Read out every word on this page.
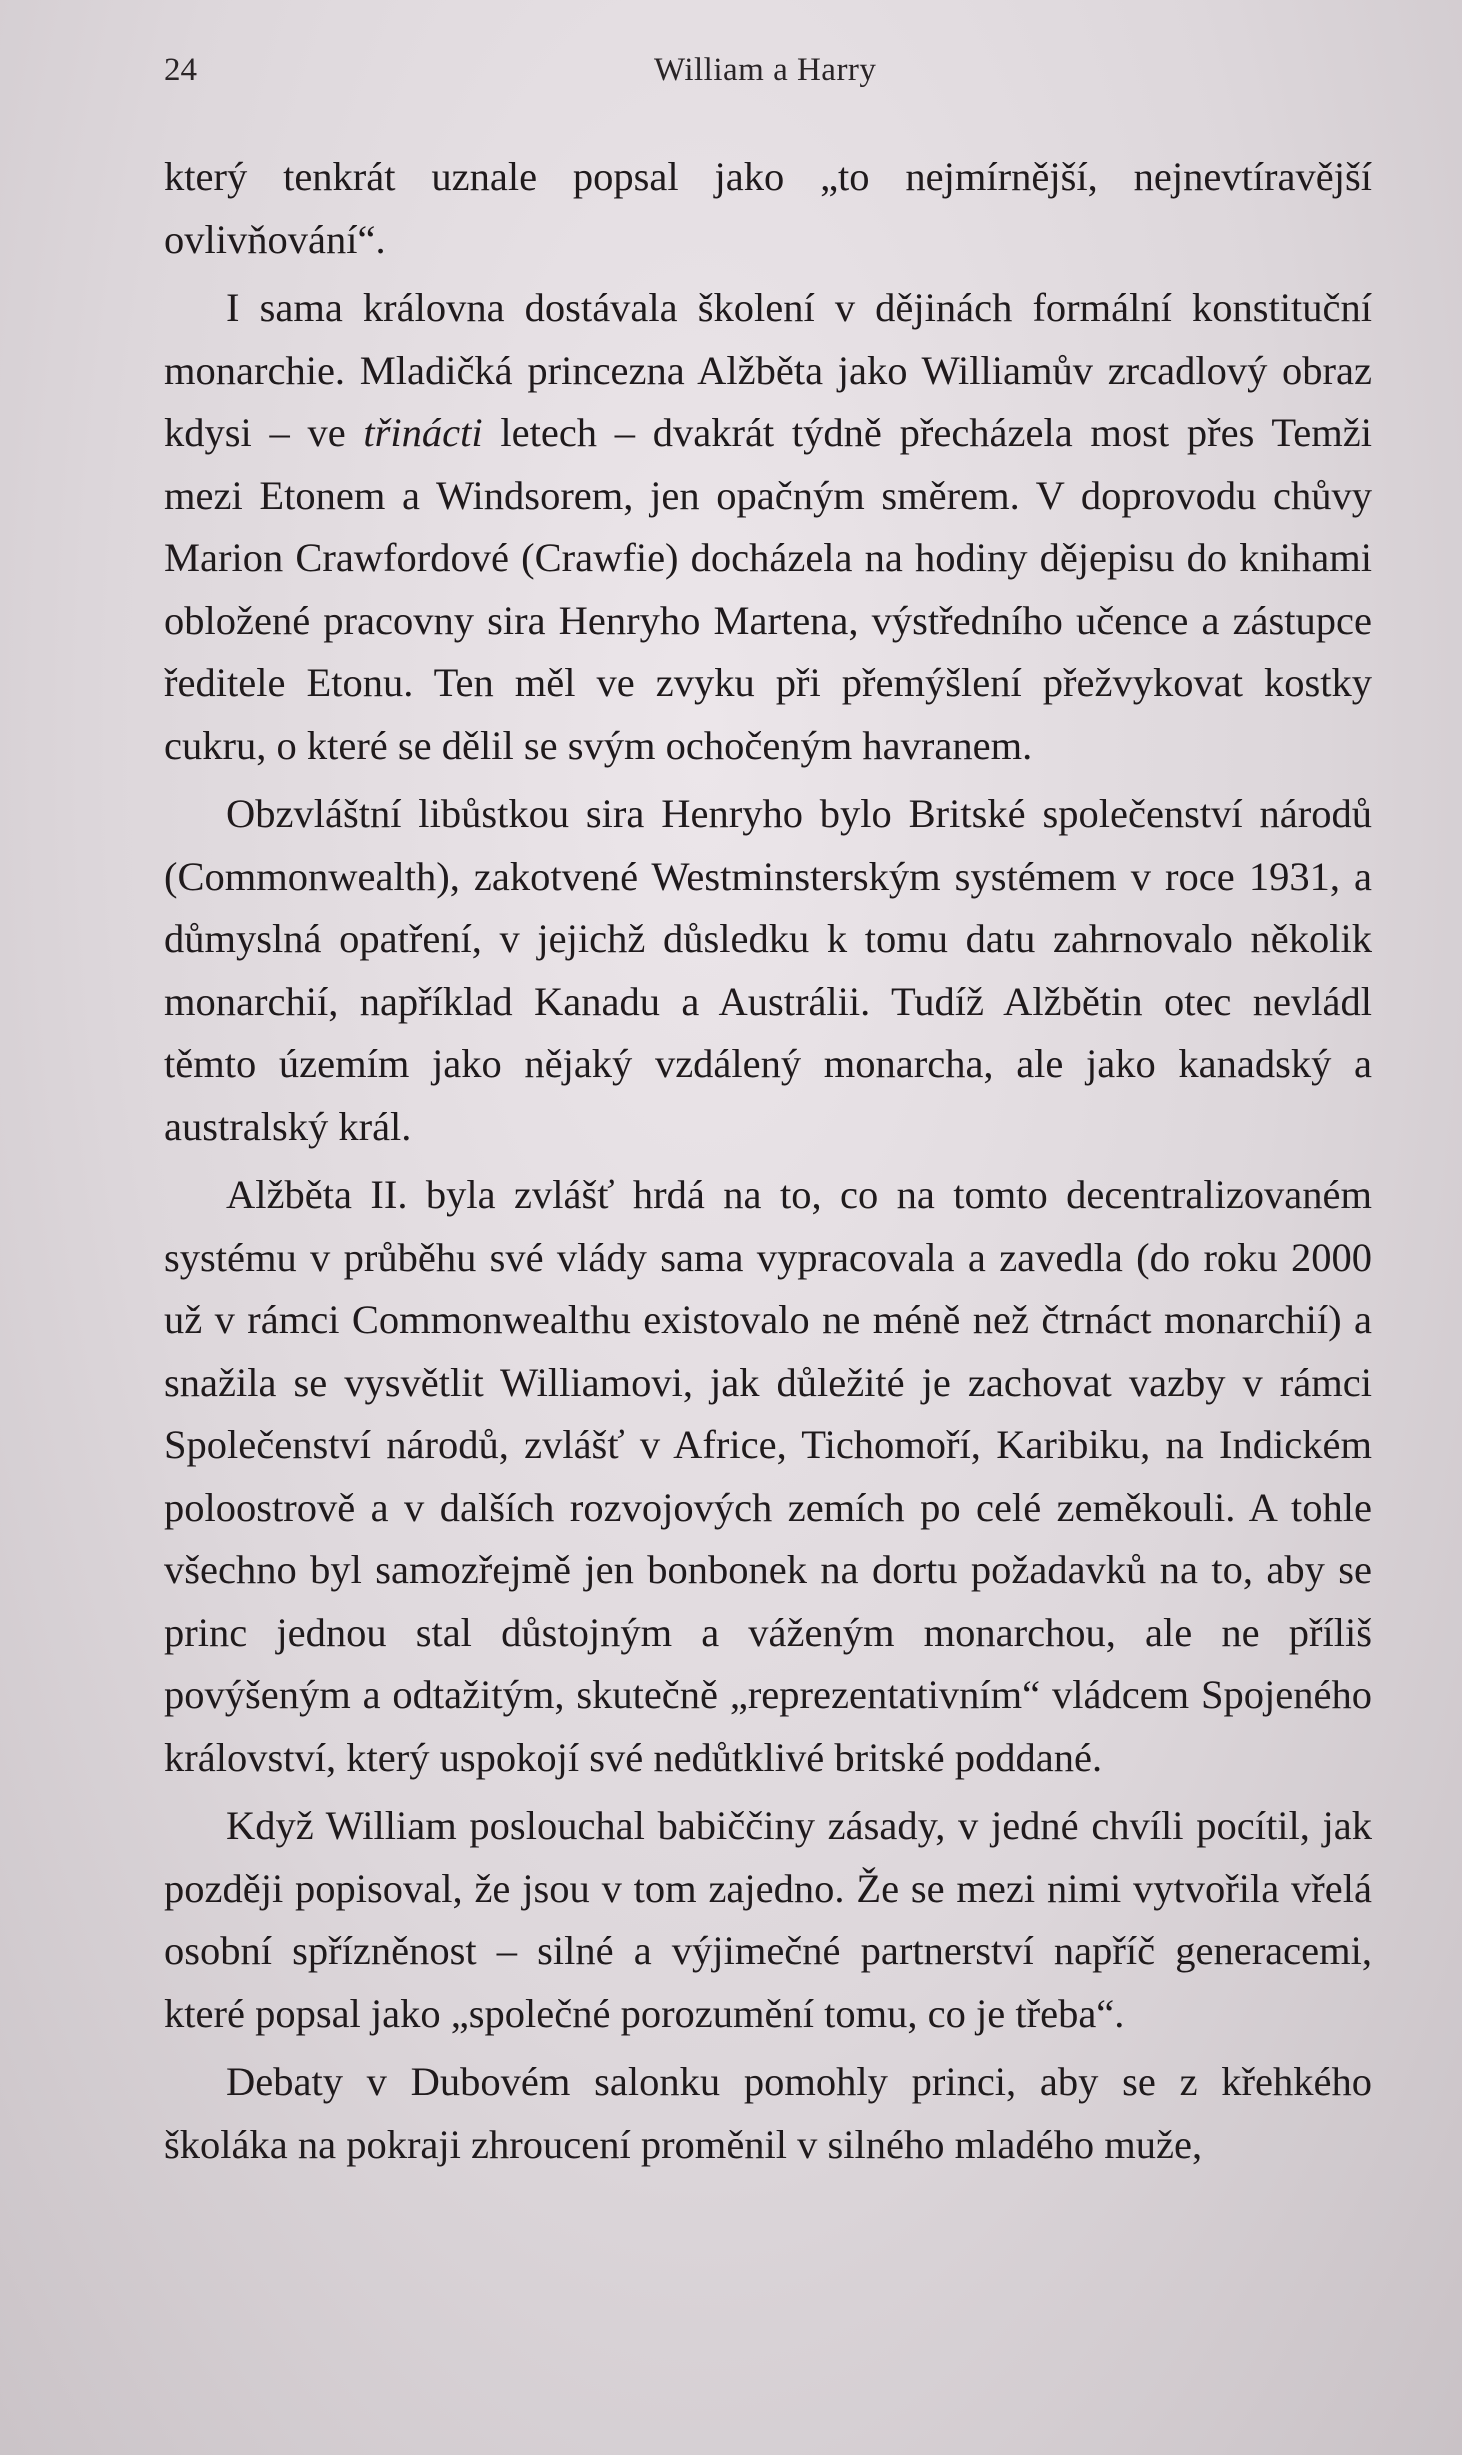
24	William a Harry

který tenkrát uznale popsal jako „to nejmírnější, nejnevtíravější ovlivňování“.

I sama královna dostávala školení v dějinách formální konstituční monarchie. Mladičká princezna Alžběta jako Williamův zrcadlový obraz kdysi – ve třinácti letech – dvakrát týdně přecházela most přes Temži mezi Etonem a Windsorem, jen opačným směrem. V doprovodu chůvy Marion Crawfordové (Crawfie) docházela na hodiny dějepisu do knihami obložené pracovny sira Henryho Martena, výstředního učence a zástupce ředitele Etonu. Ten měl ve zvyku při přemýšlení přežvykovat kostky cukru, o které se dělil se svým ochočeným havranem.

Obzvláštní libůstkou sira Henryho bylo Britské společenství národů (Commonwealth), zakotvené Westminsterským systémem v roce 1931, a důmyslná opatření, v jejichž důsledku k tomu datu zahrnovalo několik monarchií, například Kanadu a Austrálii. Tudíž Alžbětin otec nevládl těmto územím jako nějaký vzdálený monarcha, ale jako kanadský a australský král.

Alžběta II. byla zvlášť hrdá na to, co na tomto decentralizovaném systému v průběhu své vlády sama vypracovala a zavedla (do roku 2000 už v rámci Commonwealthu existovalo ne méně než čtrnáct monarchií) a snažila se vysvětlit Williamovi, jak důležité je zachovat vazby v rámci Společenství národů, zvlášť v Africe, Tichomoří, Karibiku, na Indickém poloostrově a v dalších rozvojových zemích po celé zeměkouli. A tohle všechno byl samozřejmě jen bonbonek na dortu požadavků na to, aby se princ jednou stal důstojným a váženým monarchou, ale ne příliš povýšeným a odtažitým, skutečně „reprezentativním“ vládcem Spojeného království, který uspokojí své nedůtklivé britské poddané.

Když William poslouchal babiččiny zásady, v jedné chvíli pocítil, jak později popisoval, že jsou v tom zajedno. Že se mezi nimi vytvořila vřelá osobní spřízněnost – silné a výjimečné partnerství napříč generacemi, které popsal jako „společné porozumění tomu, co je třeba“.

Debaty v Dubovém salonku pomohly princi, aby se z křehkého školáka na pokraji zhroucení proměnil v silného mladého muže,
